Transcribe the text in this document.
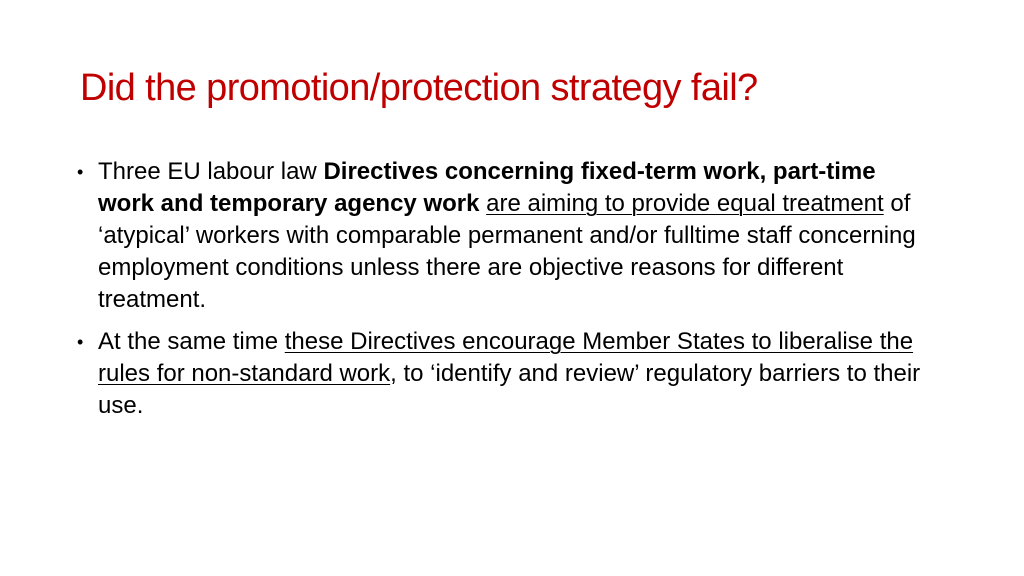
Did the promotion/protection strategy fail?
• Three EU labour law Directives concerning fixed-term work, part-time work and temporary agency work are aiming to provide equal treatment of ‘atypical’ workers with comparable permanent and/or fulltime staff concerning employment conditions unless there are objective reasons for different treatment.
• At the same time these Directives encourage Member States to liberalise the rules for non-standard work, to ‘identify and review’ regulatory barriers to their use.
